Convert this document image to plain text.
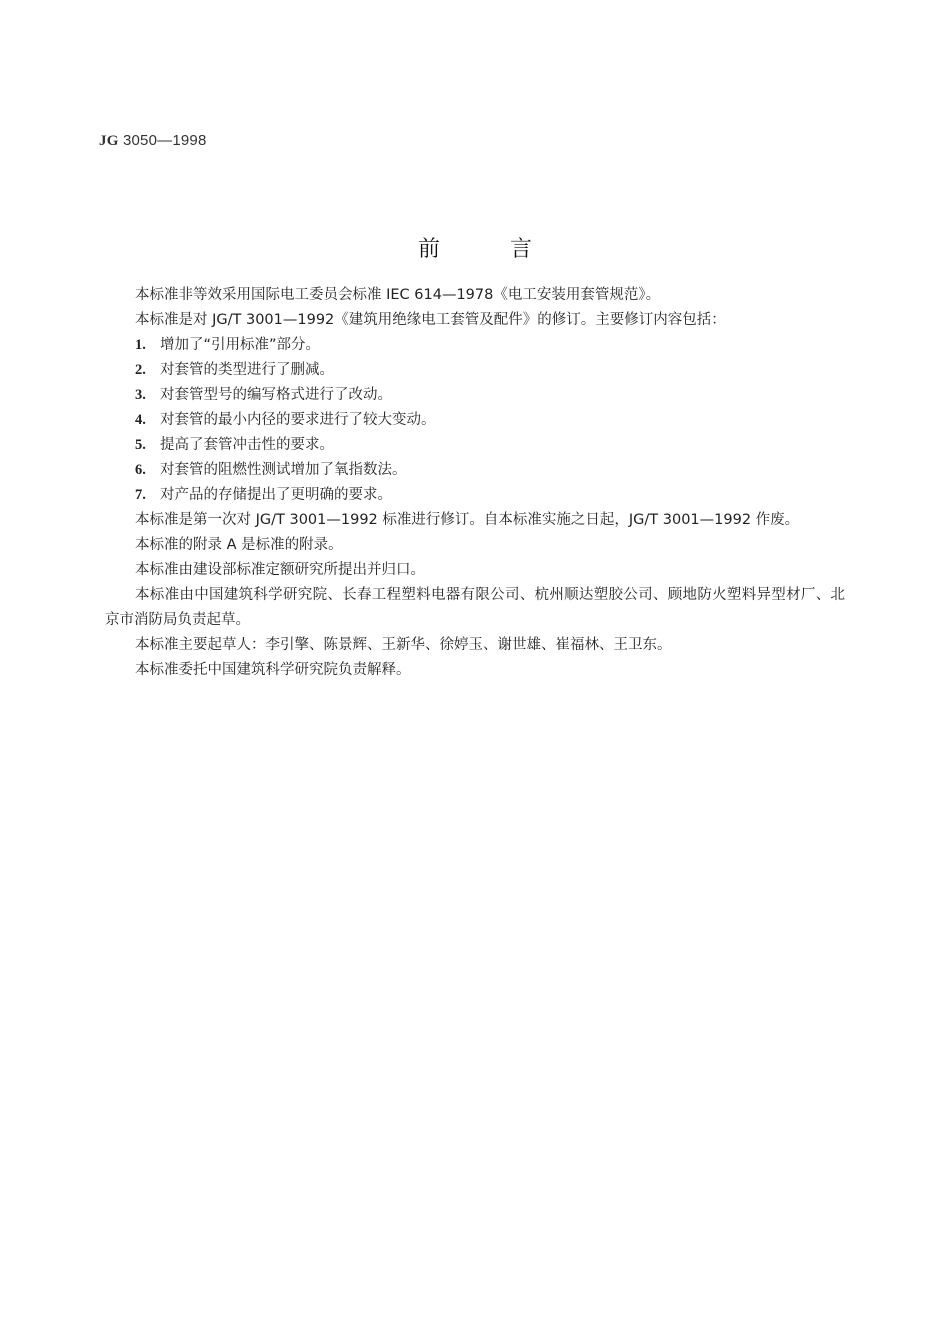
JG 3050—1998
前	言

本标准非等效采用国际电工委员会标准 IEC 614—1978《电工安装用套管规范》。

本标准是对 JG/T 3001—1992《建筑用绝缘电工套管及配件》的修订。主要修订内容包括：

1. 增加了“引用标准”部分。

2. 对套管的类型进行了删减。

3. 对套管型号的编写格式进行了改动。

4. 对套管的最小内径的要求进行了较大变动。

5. 提高了套管冲击性的要求。

6. 对套管的阻燃性测试增加了氧指数法。

7. 对产品的存储提出了更明确的要求。

本标准是第一次对 JG/T 3001—1992 标准进行修订。自本标准实施之日起，JG/T 3001—1992 作废。

本标准的附录 A 是标准的附录。

本标准由建设部标准定额研究所提出并归口。

本标准由中国建筑科学研究院、长春工程塑料电器有限公司、杭州顺达塑胶公司、顾地防火塑料异型材厂、北京市消防局负责起草。

本标准主要起草人：李引擎、陈景辉、王新华、徐婷玉、谢世雄、崔福林、王卫东。

本标准委托中国建筑科学研究院负责解释。
